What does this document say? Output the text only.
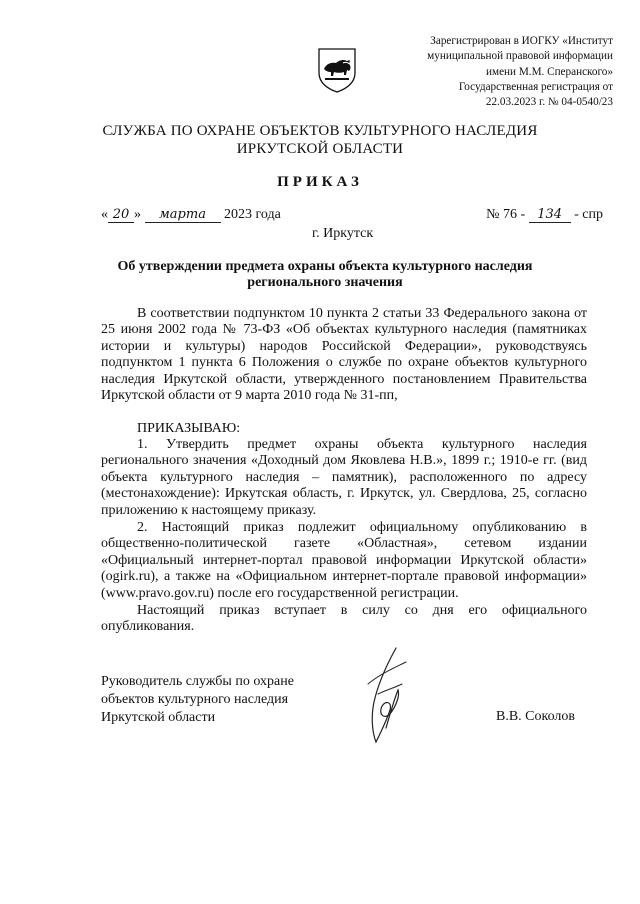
Зарегистрирован в ИОГКУ «Институт
муниципальной правовой информации
имени М.М. Сперанского»
Государственная регистрация от
22.03.2023 г. № 04-0540/23
СЛУЖБА ПО ОХРАНЕ ОБЪЕКТОВ КУЛЬТУРНОГО НАСЛЕДИЯ
ИРКУТСКОЙ ОБЛАСТИ
ПРИКАЗ
« 20 » марта 2023 года	№ 76 - 134 - спр
г. Иркутск
Об утверждении предмета охраны объекта культурного наследия регионального значения
В соответствии подпунктом 10 пункта 2 статьи 33 Федерального закона от 25 июня 2002 года № 73-ФЗ «Об объектах культурного наследия (памятниках истории и культуры) народов Российской Федерации», руководствуясь подпунктом 1 пункта 6 Положения о службе по охране объектов культурного наследия Иркутской области, утвержденного постановлением Правительства Иркутской области от 9 марта 2010 года № 31-пп,
ПРИКАЗЫВАЮ:
1. Утвердить предмет охраны объекта культурного наследия регионального значения «Доходный дом Яковлева Н.В.», 1899 г.; 1910-е гг. (вид объекта культурного наследия – памятник), расположенного по адресу (местонахождение): Иркутская область, г. Иркутск, ул. Свердлова, 25, согласно приложению к настоящему приказу.
2. Настоящий приказ подлежит официальному опубликованию в общественно-политической газете «Областная», сетевом издании «Официальный интернет-портал правовой информации Иркутской области» (ogirk.ru), а также на «Официальном интернет-портале правовой информации» (www.pravo.gov.ru) после его государственной регистрации.
Настоящий приказ вступает в силу со дня его официального опубликования.
Руководитель службы по охране
объектов культурного наследия
Иркутской области	В.В. Соколов
